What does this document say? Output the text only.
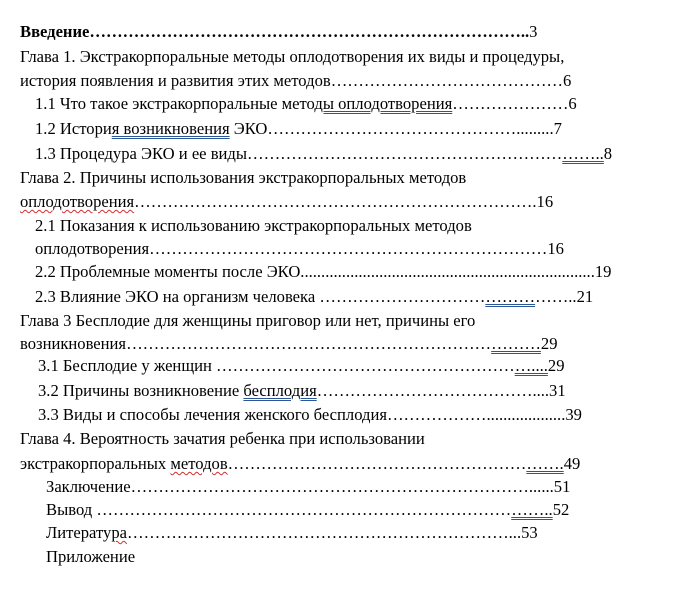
Введение……………………………………………………………………..3
Глава 1. Экстракорпоральные методы оплодотворения их виды и процедуры,
история появления и развития этих методов……………………………………6
1.1 Что такое экстракорпоральные методы оплодотворения…………………6
1.2 История возникновения ЭКО……………………………………….........7
1.3 Процедура ЭКО и ее виды………………………………………………………..8
Глава 2. Причины использования экстракорпоральных методов
оплодотворения……………………………………………………………….16
2.1 Показания к использованию экстракорпоральных методов
оплодотворения………………………………………………………………16
2.2 Проблемные моменты после ЭКО.......................................................................19
2.3 Влияние ЭКО на организм человека ………………………………………..21
Глава 3 Бесплодие для женщины приговор или нет, причины его
возникновения…………………………………………………………………29
3.1 Бесплодие у женщин …………………………………………………....29
3.2 Причины возникновение бесплодия…………………………………....31
3.3 Виды и способы лечения женского бесплодия………………...................39
Глава 4. Вероятность зачатия ребенка при использовании
экстракорпоральных методов…………………………………………………….49
Заключение………………………………………………………………......51
Вывод ………………………………………………………………………..52
Литература……………………………………………………………...53
Приложение
